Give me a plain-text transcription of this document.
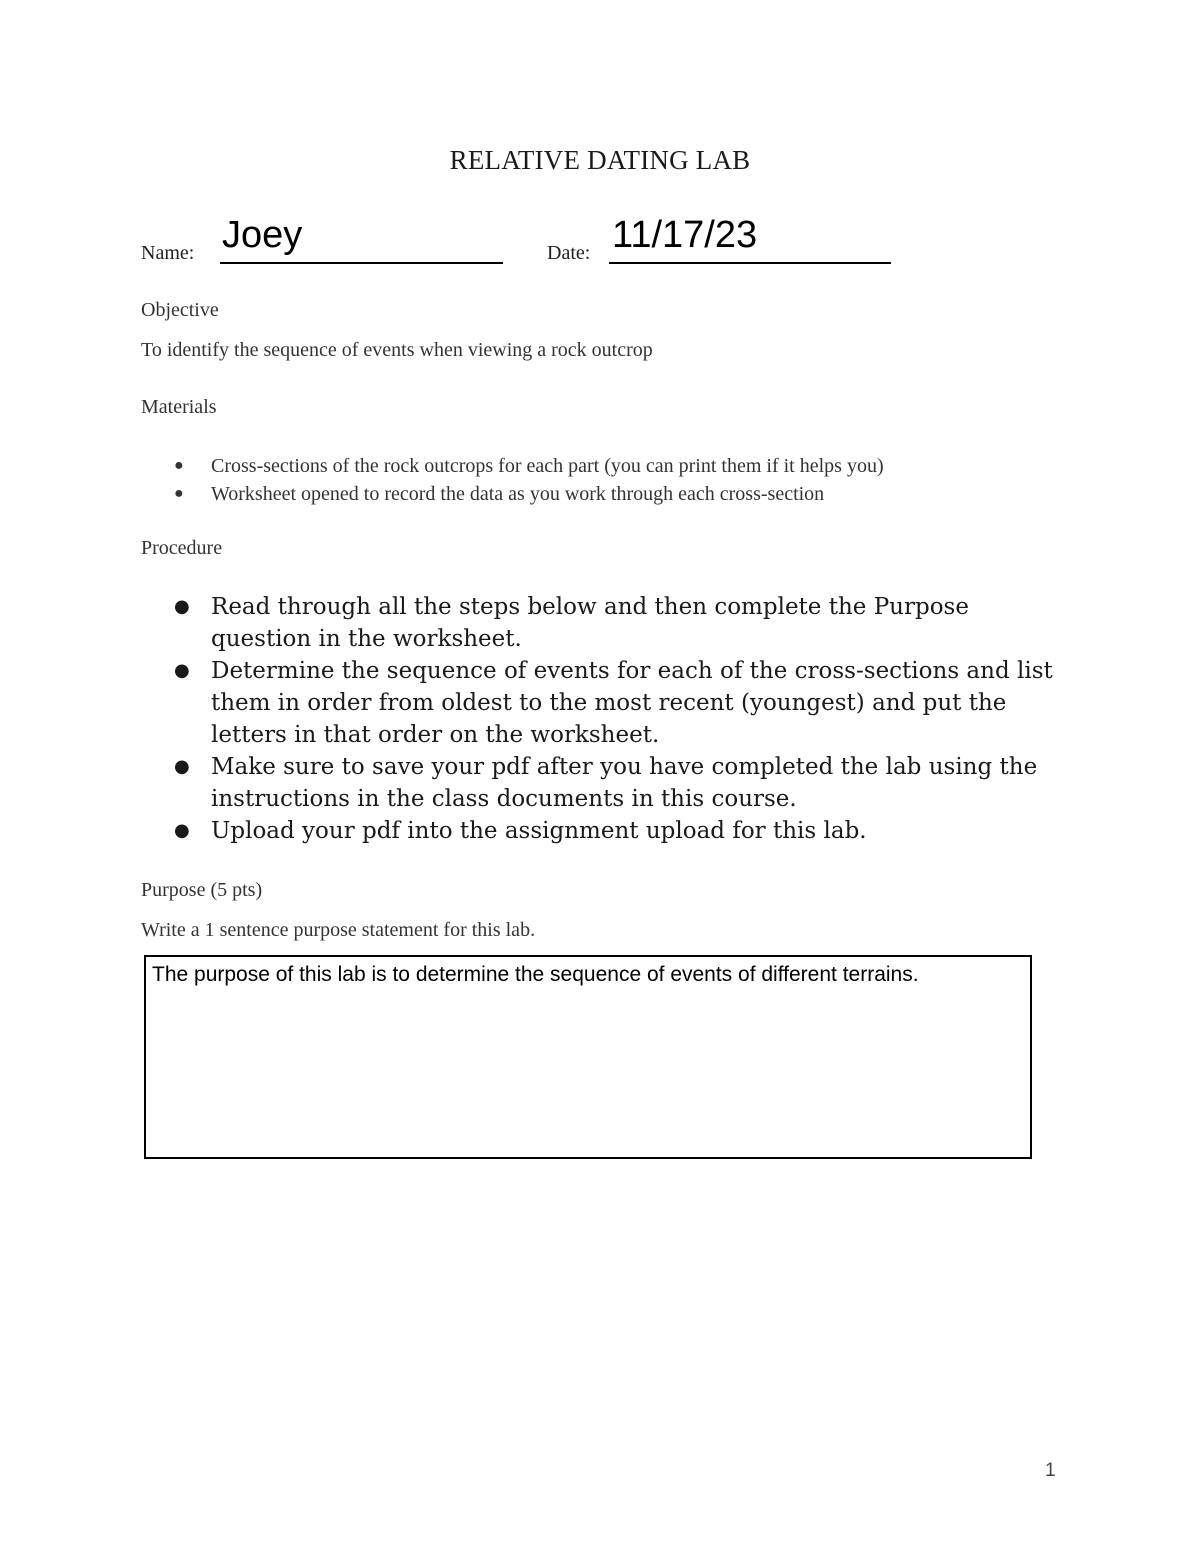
RELATIVE DATING LAB
Name: Joey	Date: 11/17/23
Objective
To identify the sequence of events when viewing a rock outcrop
Materials
● Cross-sections of the rock outcrops for each part (you can print them if it helps you)
● Worksheet opened to record the data as you work through each cross-section
Procedure
● Read through all the steps below and then complete the Purpose question in the worksheet.
● Determine the sequence of events for each of the cross-sections and list them in order from oldest to the most recent (youngest) and put the letters in that order on the worksheet.
● Make sure to save your pdf after you have completed the lab using the instructions in the class documents in this course.
● Upload your pdf into the assignment upload for this lab.
Purpose (5 pts)
Write a 1 sentence purpose statement for this lab.
The purpose of this lab is to determine the sequence of events of different terrains.
1
